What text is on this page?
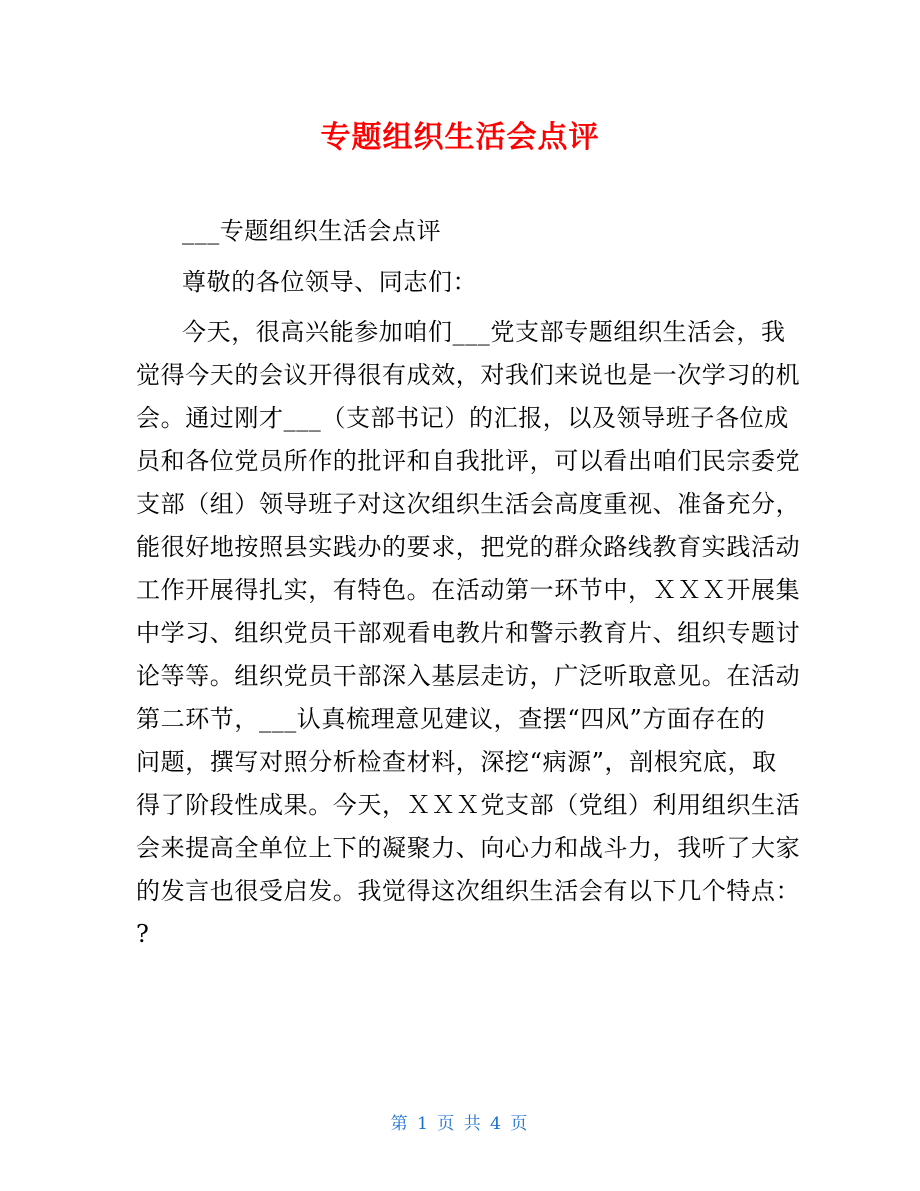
专题组织生活会点评
___专题组织生活会点评
尊敬的各位领导、同志们：
今天，很高兴能参加咱们___党支部专题组织生活会，我
觉得今天的会议开得很有成效，对我们来说也是一次学习的机
会。通过刚才___（支部书记）的汇报，以及领导班子各位成
员和各位党员所作的批评和自我批评，可以看出咱们民宗委党
支部（组）领导班子对这次组织生活会高度重视、准备充分，
能很好地按照县实践办的要求，把党的群众路线教育实践活动
工作开展得扎实，有特色。在活动第一环节中，ＸＸＸ开展集
中学习、组织党员干部观看电教片和警示教育片、组织专题讨
论等等。组织党员干部深入基层走访，广泛听取意见。在活动
第二环节，___认真梳理意见建议，查摆“四风”方面存在的
问题，撰写对照分析检查材料，深挖“病源”，剖根究底，取
得了阶段性成果。今天，ＸＸＸ党支部（党组）利用组织生活
会来提高全单位上下的凝聚力、向心力和战斗力，我听了大家
的发言也很受启发。我觉得这次组织生活会有以下几个特点：
?
第 1 页 共 4 页
